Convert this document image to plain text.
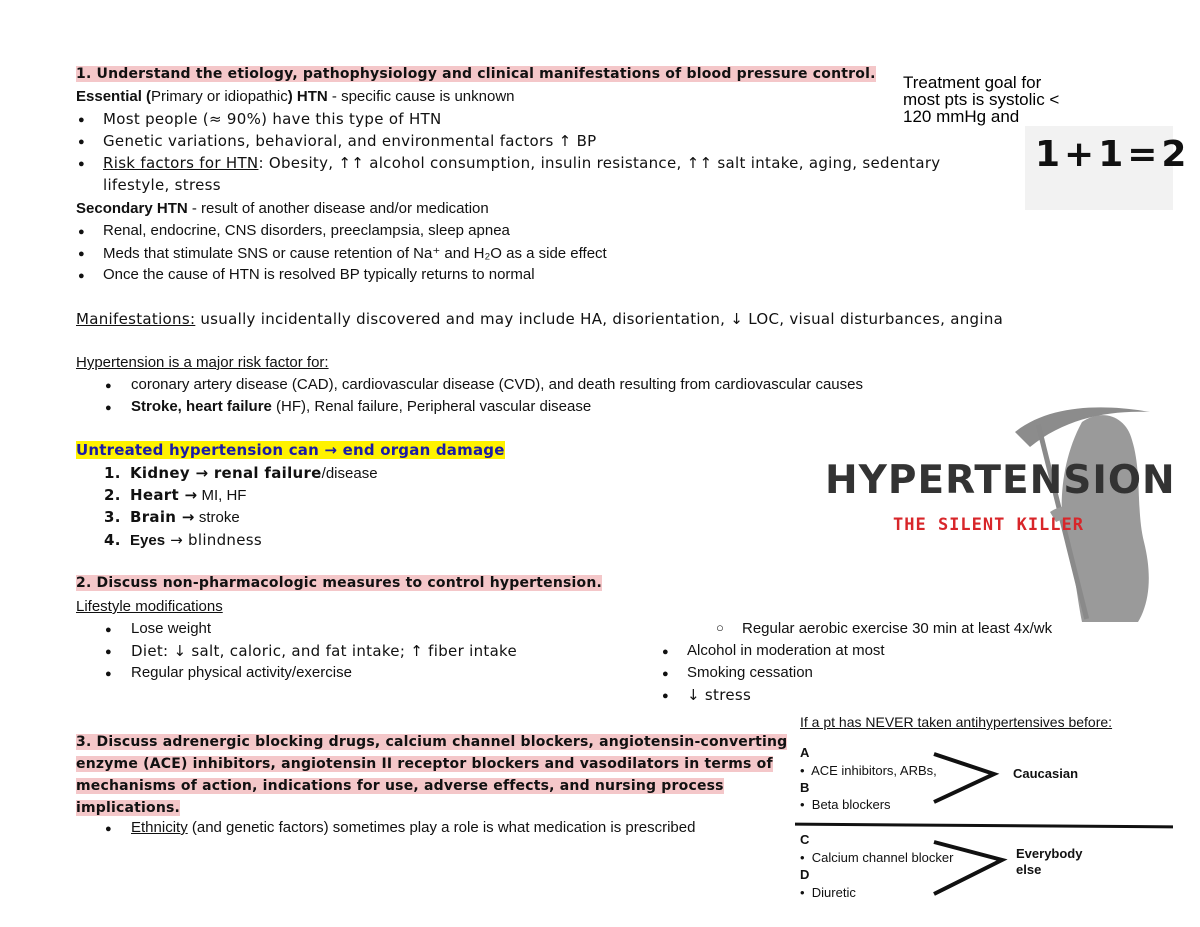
1. Understand the etiology, pathophysiology and clinical manifestations of blood pressure control.
Essential (Primary or idiopathic) HTN - specific cause is unknown
● Most people (≈ 90%) have this type of HTN
● Genetic variations, behavioral, and environmental factors ↑ BP
● Risk factors for HTN: Obesity, ↑↑ alcohol consumption, insulin resistance, ↑↑ salt intake, aging, sedentary
lifestyle, stress
Secondary HTN - result of another disease and/or medication
● Renal, endocrine, CNS disorders, preeclampsia, sleep apnea
● Meds that stimulate SNS or cause retention of Na⁺ and H₂O as a side effect
● Once the cause of HTN is resolved BP typically returns to normal
Manifestations: usually incidentally discovered and may include HA, disorientation, ↓ LOC, visual disturbances, angina
Hypertension is a major risk factor for:
● coronary artery disease (CAD), cardiovascular disease (CVD), and death resulting from cardiovascular causes
● Stroke, heart failure (HF), Renal failure, Peripheral vascular disease
Untreated hypertension can → end organ damage
1. Kidney → renal failure/disease
2. Heart → MI, HF
3. Brain → stroke
4. Eyes → blindness
Treatment goal for
most pts is systolic <
120 mmHg and
1+1=2
HYPERTENSION
THE SILENT KILLER
2. Discuss non-pharmacologic measures to control hypertension.
Lifestyle modifications
● Lose weight
● Diet: ↓ salt, caloric, and fat intake; ↑ fiber intake
● Regular physical activity/exercise
○ Regular aerobic exercise 30 min at least 4x/wk
● Alcohol in moderation at most
● Smoking cessation
● ↓ stress
3. Discuss adrenergic blocking drugs, calcium channel blockers, angiotensin-converting
enzyme (ACE) inhibitors, angiotensin II receptor blockers and vasodilators in terms of
mechanisms of action, indications for use, adverse effects, and nursing process
implications.
● Ethnicity (and genetic factors) sometimes play a role is what medication is prescribed
If a pt has NEVER taken antihypertensives before:
A
•  ACE inhibitors, ARBs,
B
•  Beta blockers
Caucasian
C
•  Calcium channel blocker
D
•  Diuretic
Everybody
else
